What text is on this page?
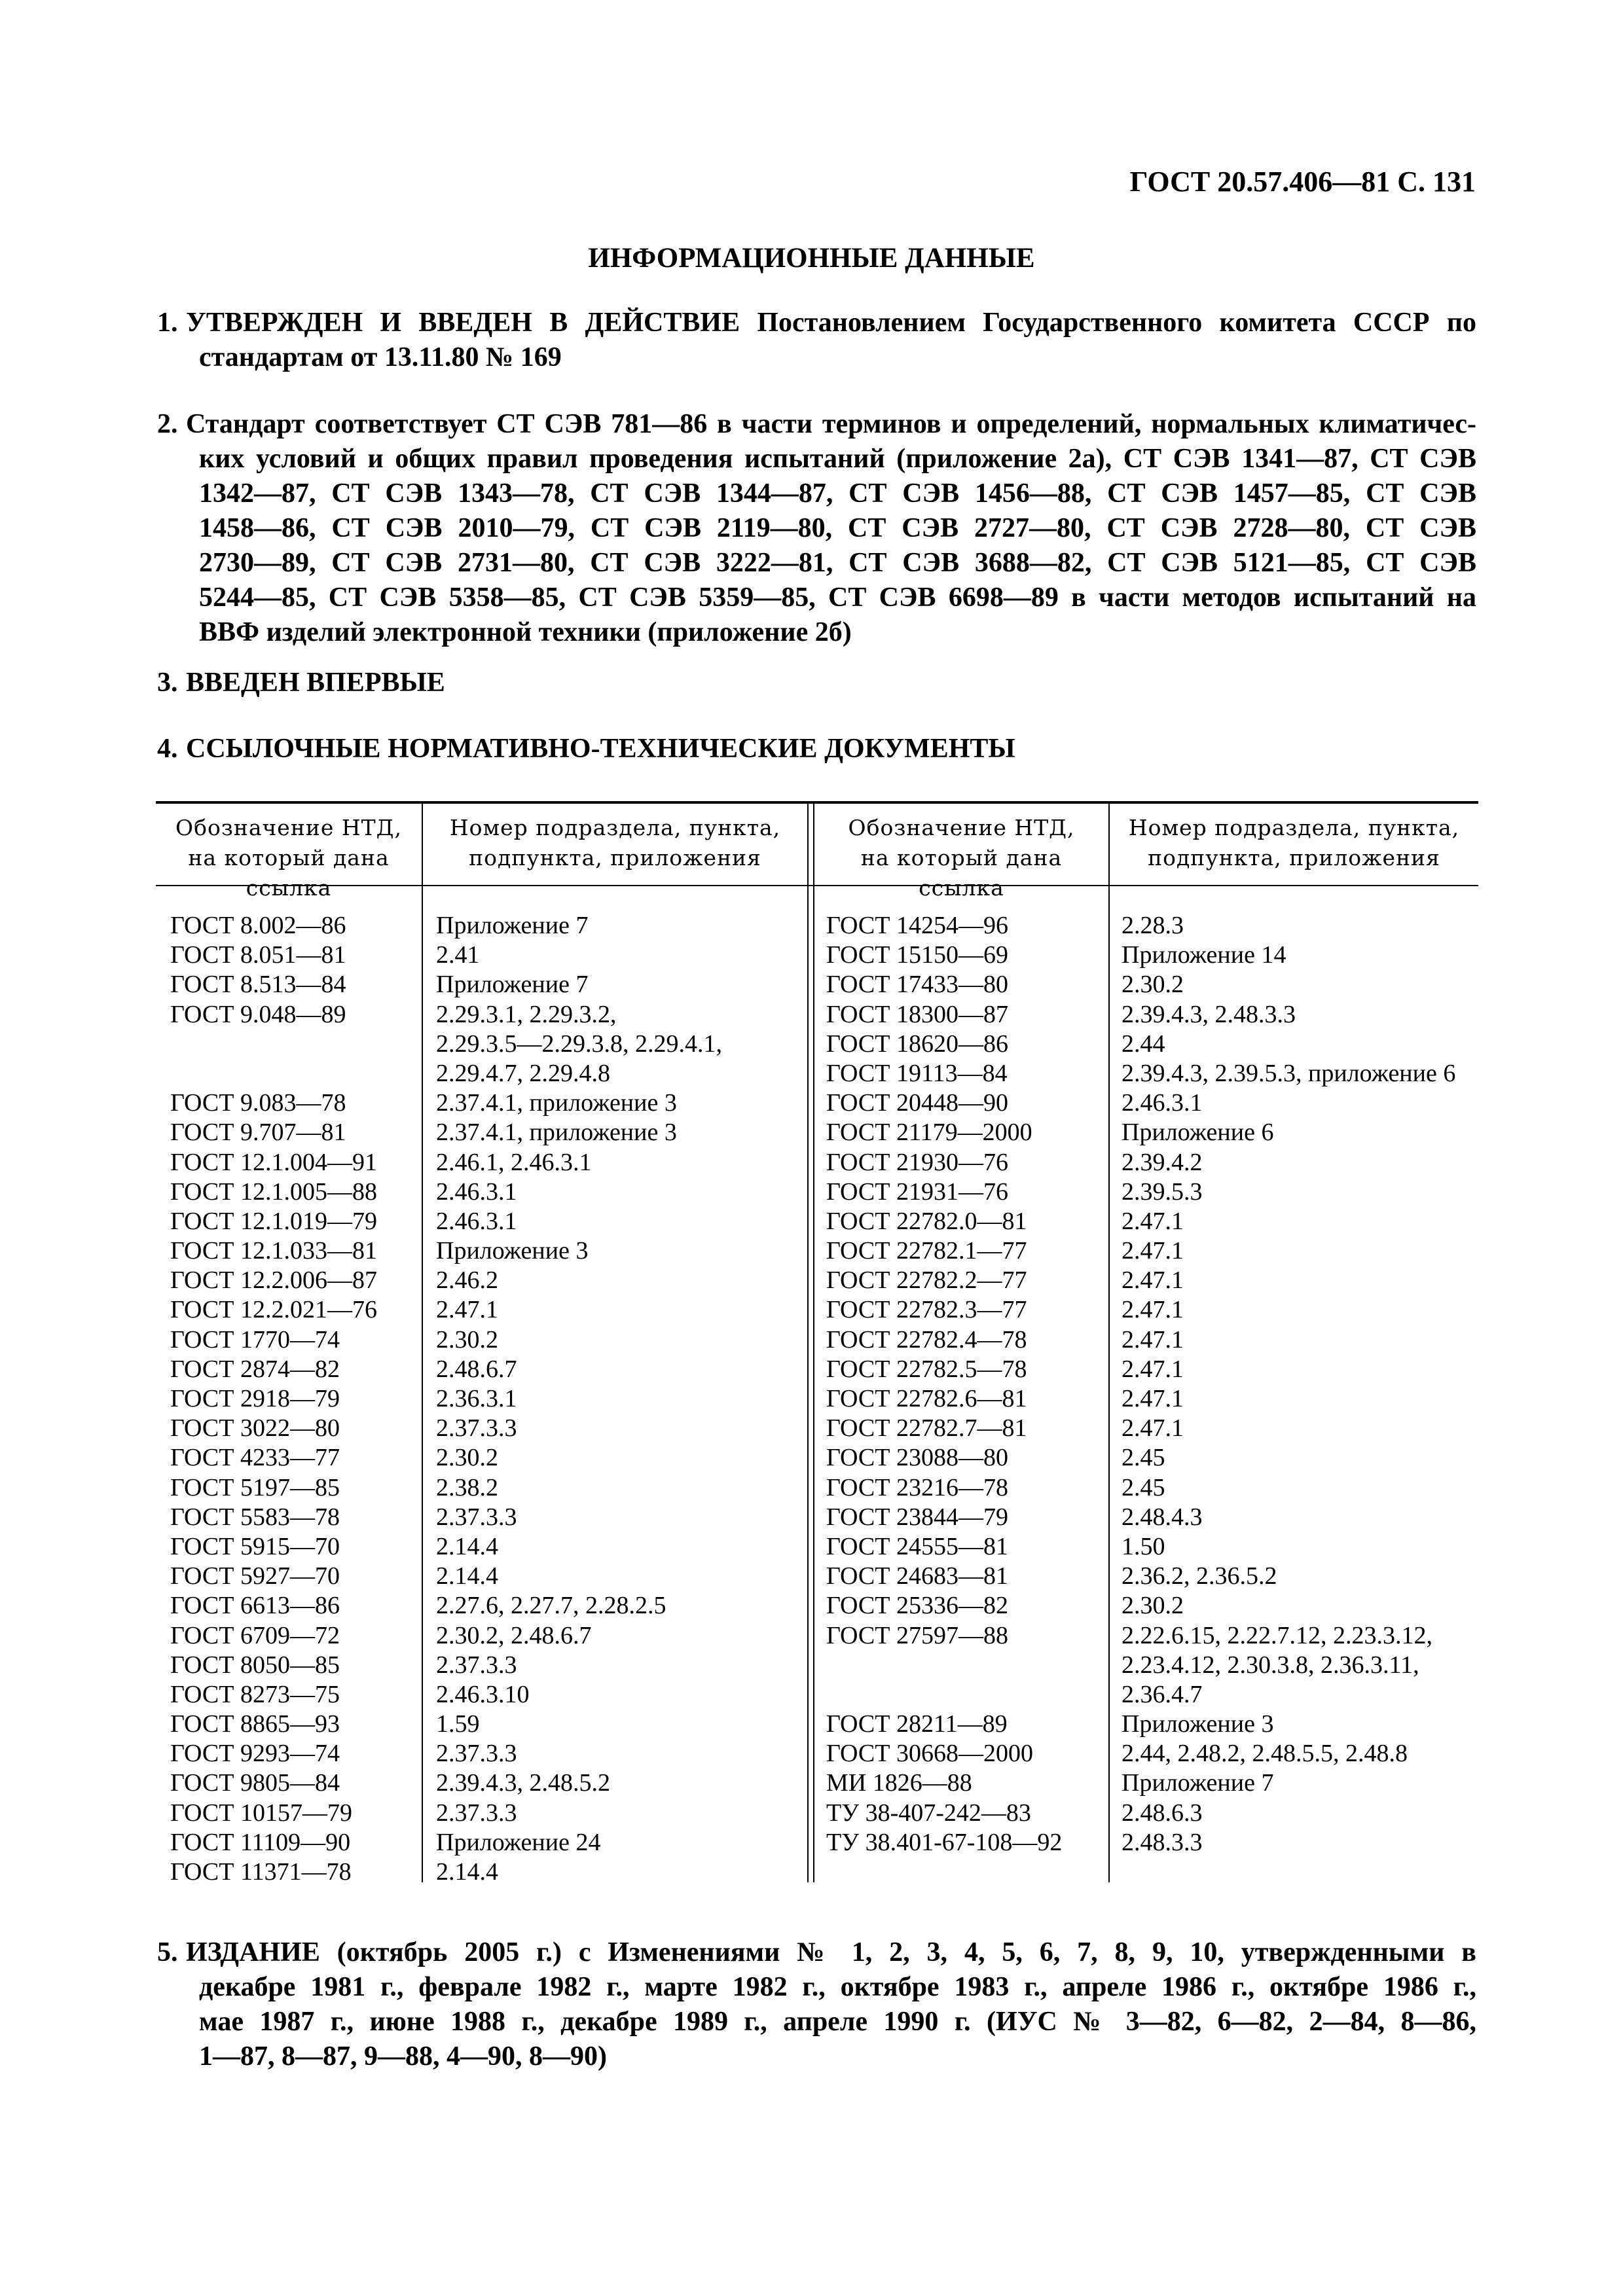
ГОСТ 20.57.406—81 С. 131
ИНФОРМАЦИОННЫЕ ДАННЫЕ
1. УТВЕРЖДЕН И ВВЕДЕН В ДЕЙСТВИЕ Постановлением Государственного комитета СССР по
стандартам от 13.11.80 № 169
2. Стандарт соответствует СТ СЭВ 781—86 в части терминов и определений, нормальных климатичес-
ких условий и общих правил проведения испытаний (приложение 2а), СТ СЭВ 1341—87, СТ СЭВ
1342—87, СТ СЭВ 1343—78, СТ СЭВ 1344—87, СТ СЭВ 1456—88, СТ СЭВ 1457—85, СТ СЭВ
1458—86, СТ СЭВ 2010—79, СТ СЭВ 2119—80, СТ СЭВ 2727—80, СТ СЭВ 2728—80, СТ СЭВ
2730—89, СТ СЭВ 2731—80, СТ СЭВ 3222—81, СТ СЭВ 3688—82, СТ СЭВ 5121—85, СТ СЭВ
5244—85, СТ СЭВ 5358—85, СТ СЭВ 5359—85, СТ СЭВ 6698—89 в части методов испытаний на
ВВФ изделий электронной техники (приложение 2б)
3. ВВЕДЕН ВПЕРВЫЕ
4. ССЫЛОЧНЫЕ НОРМАТИВНО-ТЕХНИЧЕСКИЕ ДОКУМЕНТЫ
Обозначение НТД,
на который дана ссылка
Номер подраздела, пункта,
подпункта, приложения
Обозначение НТД,
на который дана ссылка
Номер подраздела, пункта,
подпункта, приложения
ГОСТ 8.002—86
ГОСТ 8.051—81
ГОСТ 8.513—84
ГОСТ 9.048—89
ГОСТ 9.083—78
ГОСТ 9.707—81
ГОСТ 12.1.004—91
ГОСТ 12.1.005—88
ГОСТ 12.1.019—79
ГОСТ 12.1.033—81
ГОСТ 12.2.006—87
ГОСТ 12.2.021—76
ГОСТ 1770—74
ГОСТ 2874—82
ГОСТ 2918—79
ГОСТ 3022—80
ГОСТ 4233—77
ГОСТ 5197—85
ГОСТ 5583—78
ГОСТ 5915—70
ГОСТ 5927—70
ГОСТ 6613—86
ГОСТ 6709—72
ГОСТ 8050—85
ГОСТ 8273—75
ГОСТ 8865—93
ГОСТ 9293—74
ГОСТ 9805—84
ГОСТ 10157—79
ГОСТ 11109—90
ГОСТ 11371—78
Приложение 7
2.41
Приложение 7
2.29.3.1, 2.29.3.2,
2.29.3.5—2.29.3.8, 2.29.4.1,
2.29.4.7, 2.29.4.8
2.37.4.1, приложение 3
2.37.4.1, приложение 3
2.46.1, 2.46.3.1
2.46.3.1
2.46.3.1
Приложение 3
2.46.2
2.47.1
2.30.2
2.48.6.7
2.36.3.1
2.37.3.3
2.30.2
2.38.2
2.37.3.3
2.14.4
2.14.4
2.27.6, 2.27.7, 2.28.2.5
2.30.2, 2.48.6.7
2.37.3.3
2.46.3.10
1.59
2.37.3.3
2.39.4.3, 2.48.5.2
2.37.3.3
Приложение 24
2.14.4
ГОСТ 14254—96
ГОСТ 15150—69
ГОСТ 17433—80
ГОСТ 18300—87
ГОСТ 18620—86
ГОСТ 19113—84
ГОСТ 20448—90
ГОСТ 21179—2000
ГОСТ 21930—76
ГОСТ 21931—76
ГОСТ 22782.0—81
ГОСТ 22782.1—77
ГОСТ 22782.2—77
ГОСТ 22782.3—77
ГОСТ 22782.4—78
ГОСТ 22782.5—78
ГОСТ 22782.6—81
ГОСТ 22782.7—81
ГОСТ 23088—80
ГОСТ 23216—78
ГОСТ 23844—79
ГОСТ 24555—81
ГОСТ 24683—81
ГОСТ 25336—82
ГОСТ 27597—88
ГОСТ 28211—89
ГОСТ 30668—2000
МИ 1826—88
ТУ 38-407-242—83
ТУ 38.401-67-108—92
2.28.3
Приложение 14
2.30.2
2.39.4.3, 2.48.3.3
2.44
2.39.4.3, 2.39.5.3, приложение 6
2.46.3.1
Приложение 6
2.39.4.2
2.39.5.3
2.47.1
2.47.1
2.47.1
2.47.1
2.47.1
2.47.1
2.47.1
2.47.1
2.45
2.45
2.48.4.3
1.50
2.36.2, 2.36.5.2
2.30.2
2.22.6.15, 2.22.7.12, 2.23.3.12,
2.23.4.12, 2.30.3.8, 2.36.3.11,
2.36.4.7
Приложение 3
2.44, 2.48.2, 2.48.5.5, 2.48.8
Приложение 7
2.48.6.3
2.48.3.3
5. ИЗДАНИЕ (октябрь 2005 г.) с Изменениями № 1, 2, 3, 4, 5, 6, 7, 8, 9, 10, утвержденными в
декабре 1981 г., феврале 1982 г., марте 1982 г., октябре 1983 г., апреле 1986 г., октябре 1986 г.,
мае 1987 г., июне 1988 г., декабре 1989 г., апреле 1990 г. (ИУС № 3—82, 6—82, 2—84, 8—86,
1—87, 8—87, 9—88, 4—90, 8—90)
